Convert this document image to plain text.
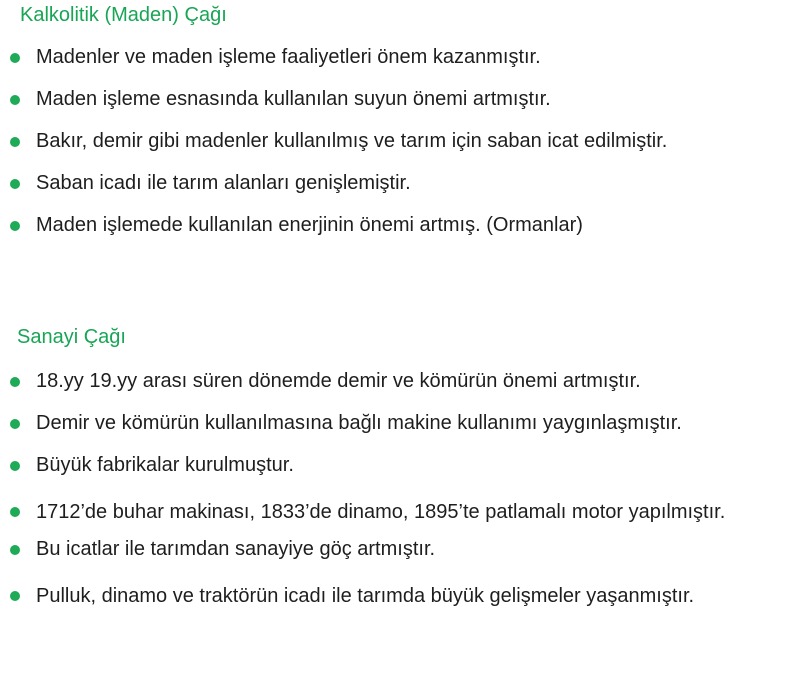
Kalkolitik (Maden) Çağı
Madenler ve maden işleme faaliyetleri önem kazanmıştır.
Maden işleme esnasında kullanılan suyun önemi artmıştır.
Bakır, demir gibi madenler kullanılmış ve tarım için saban icat edilmiştir.
Saban icadı ile tarım alanları genişlemiştir.
Maden işlemede kullanılan enerjinin önemi artmış. (Ormanlar)
Sanayi Çağı
18.yy 19.yy arası süren dönemde demir ve kömürün önemi artmıştır.
Demir ve kömürün kullanılmasına bağlı makine kullanımı yaygınlaşmıştır.
Büyük fabrikalar kurulmuştur.
1712’de buhar makinası, 1833’de dinamo, 1895’te patlamalı motor yapılmıştır.
Bu icatlar ile tarımdan sanayiye göç artmıştır.
Pulluk, dinamo ve traktörün icadı ile tarımda büyük gelişmeler yaşanmıştır.
